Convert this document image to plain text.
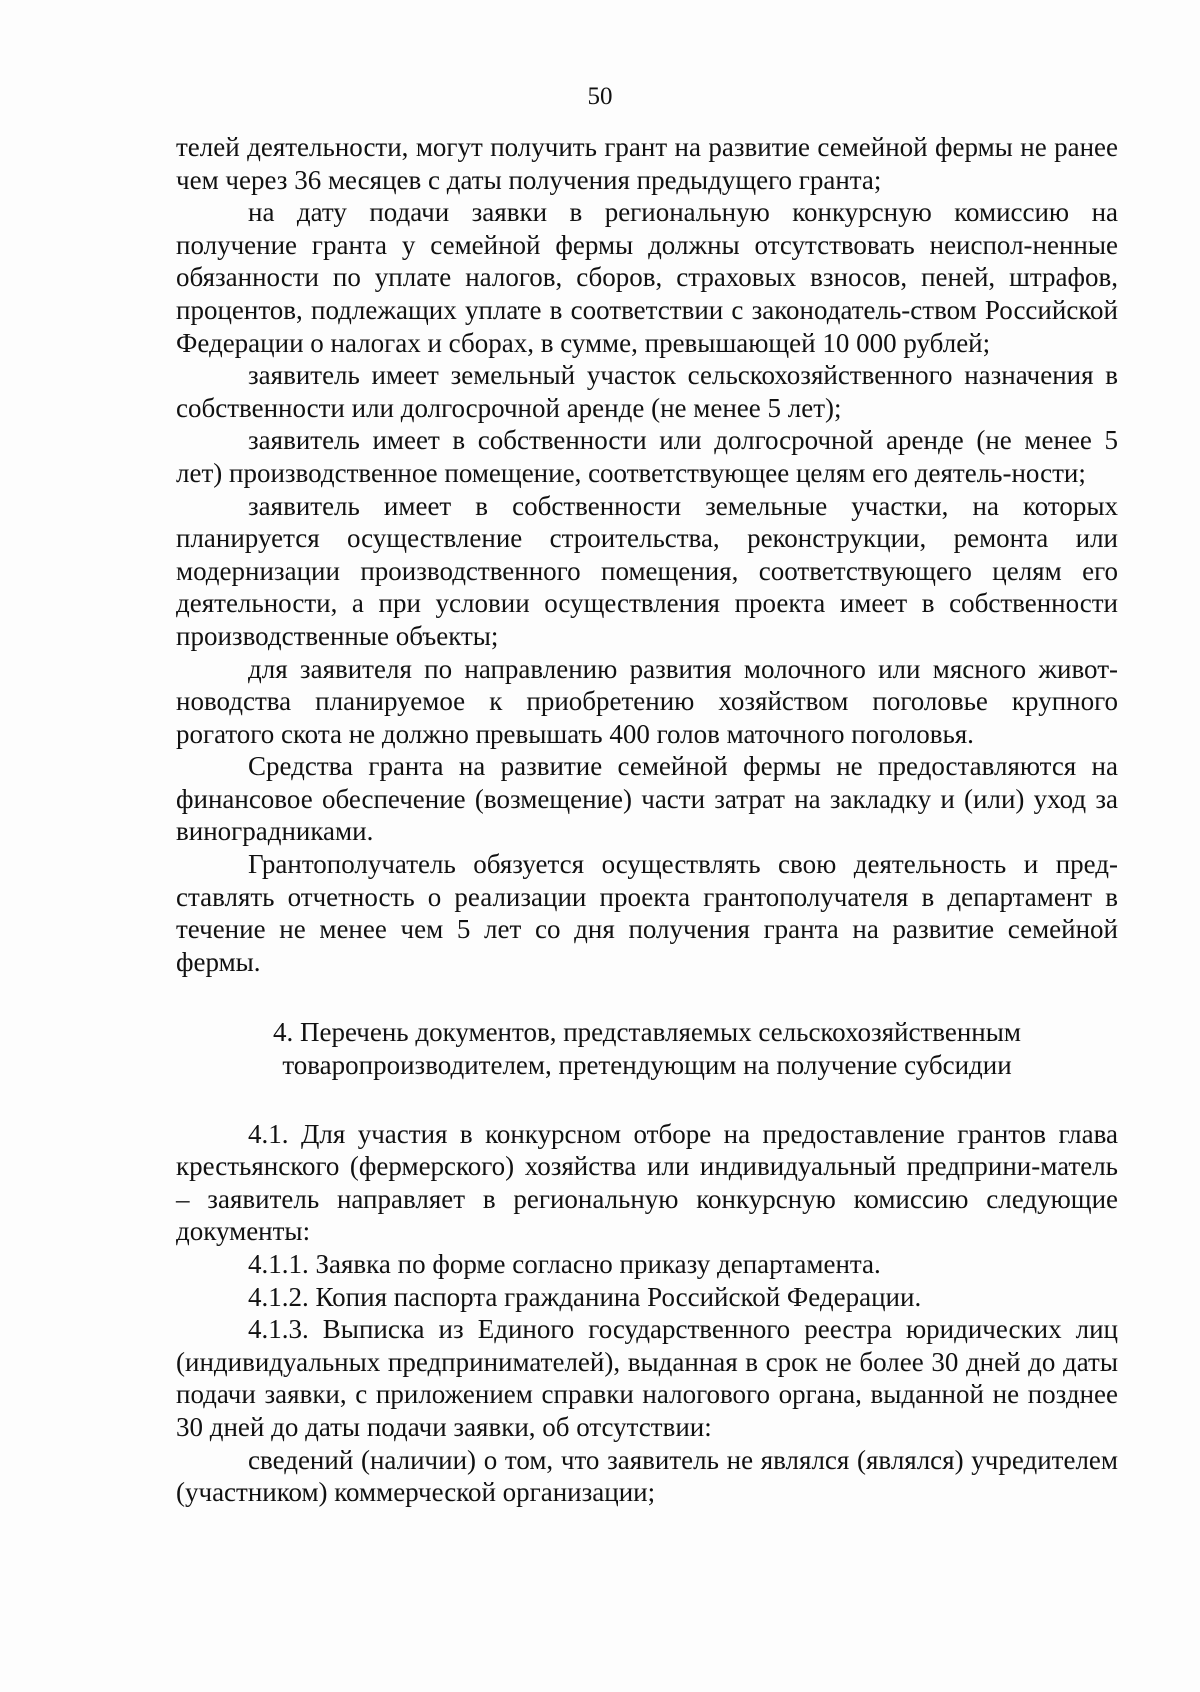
50

телей деятельности, могут получить грант на развитие семейной фермы не ранее чем через 36 месяцев с даты получения предыдущего гранта;

на дату подачи заявки в региональную конкурсную комиссию на получение гранта у семейной фермы должны отсутствовать неиспол-ненные обязанности по уплате налогов, сборов, страховых взносов, пеней, штрафов, процентов, подлежащих уплате в соответствии с законодатель-ством Российской Федерации о налогах и сборах, в сумме, превышающей 10 000 рублей;

заявитель имеет земельный участок сельскохозяйственного назначения в собственности или долгосрочной аренде (не менее 5 лет);

заявитель имеет в собственности или долгосрочной аренде (не менее 5 лет) производственное помещение, соответствующее целям его деятель-ности;

заявитель имеет в собственности земельные участки, на которых планируется осуществление строительства, реконструкции, ремонта или модернизации производственного помещения, соответствующего целям его деятельности, а при условии осуществления проекта имеет в собственности производственные объекты;

для заявителя по направлению развития молочного или мясного живот-новодства планируемое к приобретению хозяйством поголовье крупного рогатого скота не должно превышать 400 голов маточного поголовья.

Средства гранта на развитие семейной фермы не предоставляются на финансовое обеспечение (возмещение) части затрат на закладку и (или) уход за виноградниками.

Грантополучатель обязуется осуществлять свою деятельность и пред-ставлять отчетность о реализации проекта грантополучателя в департамент в течение не менее чем 5 лет со дня получения гранта на развитие семейной фермы.

4. Перечень документов, представляемых сельскохозяйственным
товаропроизводителем, претендующим на получение субсидии

4.1. Для участия в конкурсном отборе на предоставление грантов глава крестьянского (фермерского) хозяйства или индивидуальный предприни-матель – заявитель направляет в региональную конкурсную комиссию следующие документы:

4.1.1. Заявка по форме согласно приказу департамента.

4.1.2. Копия паспорта гражданина Российской Федерации.

4.1.3. Выписка из Единого государственного реестра юридических лиц (индивидуальных предпринимателей), выданная в срок не более 30 дней до даты подачи заявки, с приложением справки налогового органа, выданной не позднее 30 дней до даты подачи заявки, об отсутствии:

сведений (наличии) о том, что заявитель не являлся (являлся) учредителем (участником) коммерческой организации;
